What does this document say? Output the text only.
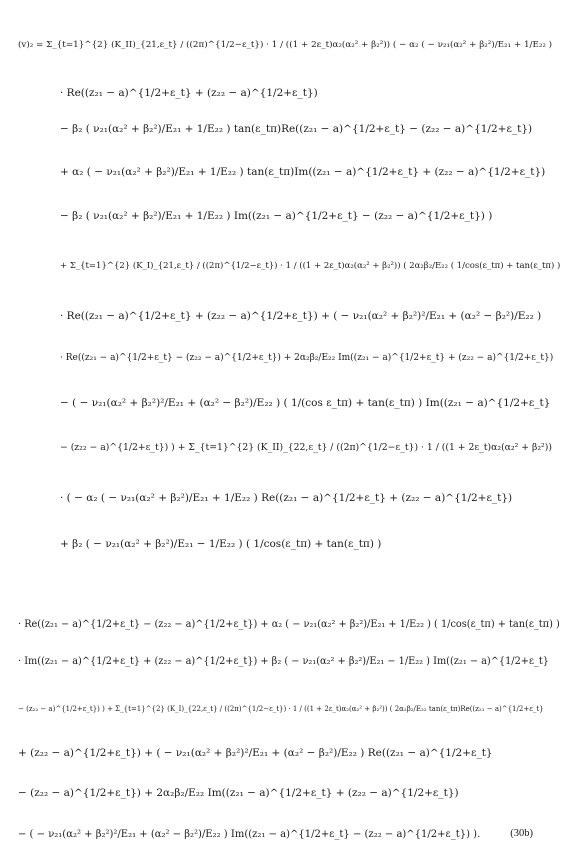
(v)₂ = Σ_{t=1}^{2} (K_II)_{21,ε_t} / ((2π)^{1/2−ε_t}) · 1 / ((1 + 2ε_t)α₂(α₂² + β₂²)) ( − α₂ ( − ν₂₁(α₂² + β₂²)/E₂₁ + 1/E₂₂ )
· Re((z₂₁ − a)^{1/2+ε_t} + (z₂₂ − a)^{1/2+ε_t})
− β₂ ( ν₂₁(α₂² + β₂²)/E₂₁ + 1/E₂₂ ) tan(ε_tπ)Re((z₂₁ − a)^{1/2+ε_t} − (z₂₂ − a)^{1/2+ε_t})
+ α₂ ( − ν₂₁(α₂² + β₂²)/E₂₁ + 1/E₂₂ ) tan(ε_tπ)Im((z₂₁ − a)^{1/2+ε_t} + (z₂₂ − a)^{1/2+ε_t})
− β₂ ( ν₂₁(α₂² + β₂²)/E₂₁ + 1/E₂₂ ) Im((z₂₁ − a)^{1/2+ε_t} − (z₂₂ − a)^{1/2+ε_t}) )
+ Σ_{t=1}^{2} (K_I)_{21,ε_t} / ((2π)^{1/2−ε_t}) · 1 / ((1 + 2ε_t)α₂(α₂² + β₂²)) ( 2α₂β₂/E₂₂ ( 1/cos(ε_tπ) + tan(ε_tπ) )
· Re((z₂₁ − a)^{1/2+ε_t} + (z₂₂ − a)^{1/2+ε_t}) + ( − ν₂₁(α₂² + β₂²)²/E₂₁ + (α₂² − β₂²)/E₂₂ )
· Re((z₂₁ − a)^{1/2+ε_t} − (z₂₂ − a)^{1/2+ε_t}) + 2α₂β₂/E₂₂ Im((z₂₁ − a)^{1/2+ε_t} + (z₂₂ − a)^{1/2+ε_t})
− ( − ν₂₁(α₂² + β₂²)²/E₂₁ + (α₂² − β₂²)/E₂₂ ) ( 1/(cos ε_tπ) + tan(ε_tπ) ) Im((z₂₁ − a)^{1/2+ε_t}
− (z₂₂ − a)^{1/2+ε_t}) ) + Σ_{t=1}^{2} (K_II)_{22,ε_t} / ((2π)^{1/2−ε_t}) · 1 / ((1 + 2ε_t)α₂(α₂² + β₂²))
· ( − α₂ ( − ν₂₁(α₂² + β₂²)/E₂₁ + 1/E₂₂ ) Re((z₂₁ − a)^{1/2+ε_t} + (z₂₂ − a)^{1/2+ε_t})
+ β₂ ( − ν₂₁(α₂² + β₂²)/E₂₁ − 1/E₂₂ ) ( 1/cos(ε_tπ) + tan(ε_tπ) )
· Re((z₂₁ − a)^{1/2+ε_t} − (z₂₂ − a)^{1/2+ε_t}) + α₂ ( − ν₂₁(α₂² + β₂²)/E₂₁ + 1/E₂₂ ) ( 1/cos(ε_tπ) + tan(ε_tπ) )
· Im((z₂₁ − a)^{1/2+ε_t} + (z₂₂ − a)^{1/2+ε_t}) + β₂ ( − ν₂₁(α₂² + β₂²)/E₂₁ − 1/E₂₂ ) Im((z₂₁ − a)^{1/2+ε_t}
− (z₂₂ − a)^{1/2+ε_t}) ) + Σ_{t=1}^{2} (K_I)_{22,ε_t} / ((2π)^{1/2−ε_t}) · 1 / ((1 + 2ε_t)α₂(α₂² + β₂²)) ( 2α₂β₂/E₂₂ tan(ε_tπ)Re((z₂₁ − a)^{1/2+ε_t}
+ (z₂₂ − a)^{1/2+ε_t}) + ( − ν₂₁(α₂² + β₂²)²/E₂₁ + (α₂² − β₂²)/E₂₂ ) Re((z₂₁ − a)^{1/2+ε_t}
− (z₂₂ − a)^{1/2+ε_t}) + 2α₂β₂/E₂₂ Im((z₂₁ − a)^{1/2+ε_t} + (z₂₂ − a)^{1/2+ε_t})
− ( − ν₂₁(α₂² + β₂²)²/E₂₁ + (α₂² − β₂²)/E₂₂ ) Im((z₂₁ − a)^{1/2+ε_t} − (z₂₂ − a)^{1/2+ε_t}) ).	(30b)
